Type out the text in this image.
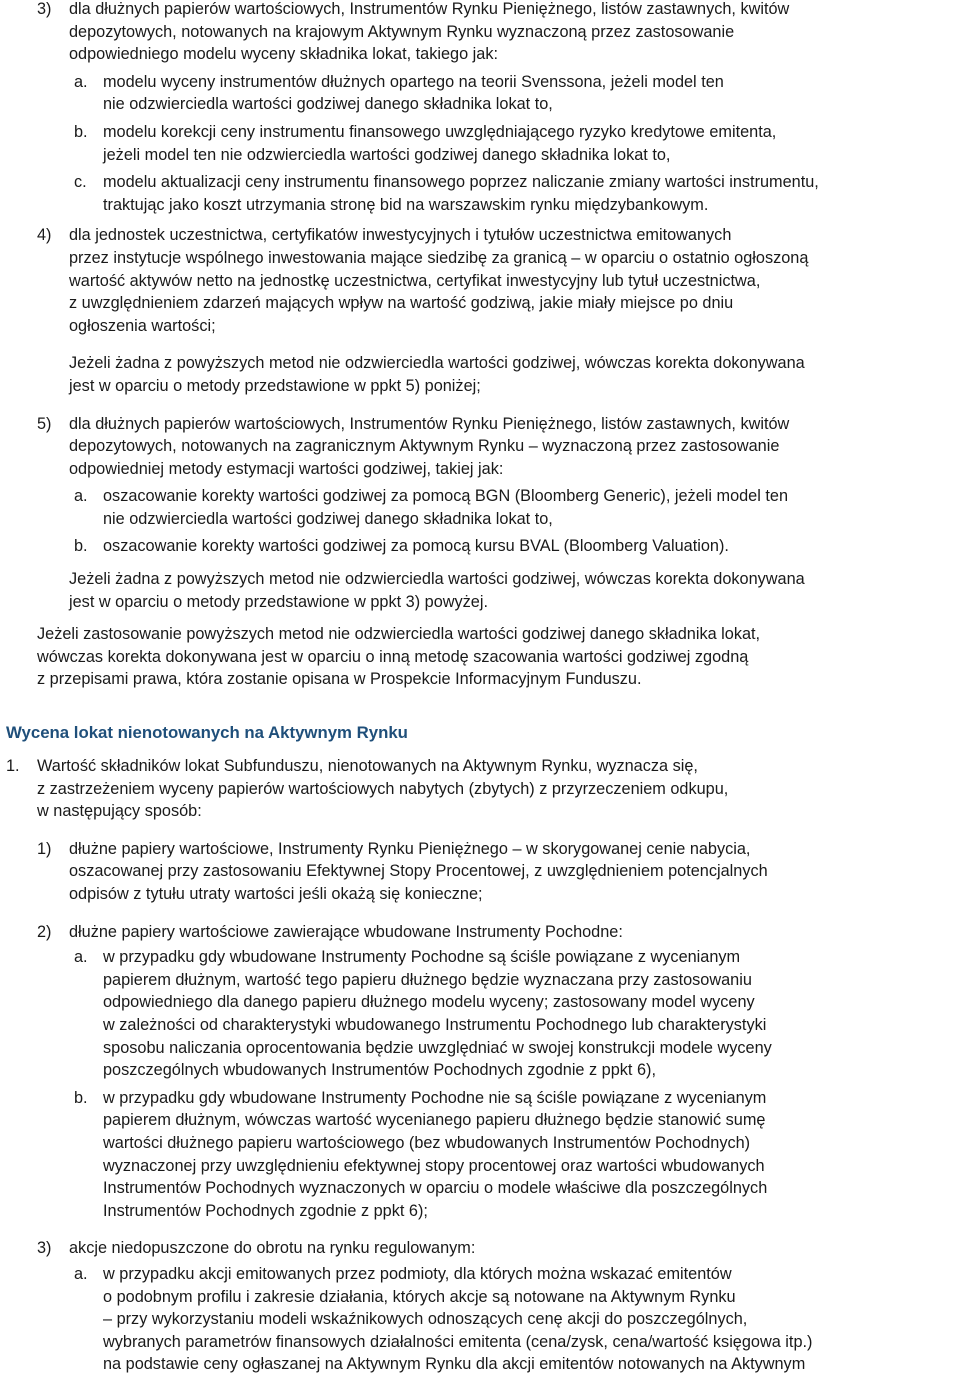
3) dla dłużnych papierów wartościowych, Instrumentów Rynku Pieniężnego, listów zastawnych, kwitów
depozytowych, notowanych na krajowym Aktywnym Rynku wyznaczoną przez zastosowanie
odpowiedniego modelu wyceny składnika lokat, takiego jak:
a. modelu wyceny instrumentów dłużnych opartego na teorii Svenssona, jeżeli model ten
nie odzwierciedla wartości godziwej danego składnika lokat to,
b. modelu korekcji ceny instrumentu finansowego uwzględniającego ryzyko kredytowe emitenta,
jeżeli model ten nie odzwierciedla wartości godziwej danego składnika lokat to,
c. modelu aktualizacji ceny instrumentu finansowego poprzez naliczanie zmiany wartości instrumentu,
traktując jako koszt utrzymania stronę bid na warszawskim rynku międzybankowym.
4) dla jednostek uczestnictwa, certyfikatów inwestycyjnych i tytułów uczestnictwa emitowanych
przez instytucje wspólnego inwestowania mające siedzibę za granicą – w oparciu o ostatnio ogłoszoną
wartość aktywów netto na jednostkę uczestnictwa, certyfikat inwestycyjny lub tytuł uczestnictwa,
z uwzględnieniem zdarzeń mających wpływ na wartość godziwą, jakie miały miejsce po dniu
ogłoszenia wartości;
Jeżeli żadna z powyższych metod nie odzwierciedla wartości godziwej, wówczas korekta dokonywana
jest w oparciu o metody przedstawione w ppkt 5) poniżej;
5) dla dłużnych papierów wartościowych, Instrumentów Rynku Pieniężnego, listów zastawnych, kwitów
depozytowych, notowanych na zagranicznym Aktywnym Rynku – wyznaczoną przez zastosowanie
odpowiedniej metody estymacji wartości godziwej, takiej jak:
a. oszacowanie korekty wartości godziwej za pomocą BGN (Bloomberg Generic), jeżeli model ten
nie odzwierciedla wartości godziwej danego składnika lokat to,
b. oszacowanie korekty wartości godziwej za pomocą kursu BVAL (Bloomberg Valuation).
Jeżeli żadna z powyższych metod nie odzwierciedla wartości godziwej, wówczas korekta dokonywana
jest w oparciu o metody przedstawione w ppkt 3) powyżej.
Jeżeli zastosowanie powyższych metod nie odzwierciedla wartości godziwej danego składnika lokat,
wówczas korekta dokonywana jest w oparciu o inną metodę szacowania wartości godziwej zgodną
z przepisami prawa, która zostanie opisana w Prospekcie Informacyjnym Funduszu.
Wycena lokat nienotowanych na Aktywnym Rynku
1. Wartość składników lokat Subfunduszu, nienotowanych na Aktywnym Rynku, wyznacza się,
z zastrzeżeniem wyceny papierów wartościowych nabytych (zbytych) z przyrzeczeniem odkupu,
w następujący sposób:
1) dłużne papiery wartościowe, Instrumenty Rynku Pieniężnego – w skorygowanej cenie nabycia,
oszacowanej przy zastosowaniu Efektywnej Stopy Procentowej, z uwzględnieniem potencjalnych
odpisów z tytułu utraty wartości jeśli okażą się konieczne;
2) dłużne papiery wartościowe zawierające wbudowane Instrumenty Pochodne:
a. w przypadku gdy wbudowane Instrumenty Pochodne są ściśle powiązane z wycenianym
papierem dłużnym, wartość tego papieru dłużnego będzie wyznaczana przy zastosowaniu
odpowiedniego dla danego papieru dłużnego modelu wyceny; zastosowany model wyceny
w zależności od charakterystyki wbudowanego Instrumentu Pochodnego lub charakterystyki
sposobu naliczania oprocentowania będzie uwzględniać w swojej konstrukcji modele wyceny
poszczególnych wbudowanych Instrumentów Pochodnych zgodnie z ppkt 6),
b. w przypadku gdy wbudowane Instrumenty Pochodne nie są ściśle powiązane z wycenianym
papierem dłużnym, wówczas wartość wycenianego papieru dłużnego będzie stanowić sumę
wartości dłużnego papieru wartościowego (bez wbudowanych Instrumentów Pochodnych)
wyznaczonej przy uwzględnieniu efektywnej stopy procentowej oraz wartości wbudowanych
Instrumentów Pochodnych wyznaczonych w oparciu o modele właściwe dla poszczególnych
Instrumentów Pochodnych zgodnie z ppkt 6);
3) akcje niedopuszczone do obrotu na rynku regulowanym:
a. w przypadku akcji emitowanych przez podmioty, dla których można wskazać emitentów
o podobnym profilu i zakresie działania, których akcje są notowane na Aktywnym Rynku
– przy wykorzystaniu modeli wskaźnikowych odnoszących cenę akcji do poszczególnych,
wybranych parametrów finansowych działalności emitenta (cena/zysk, cena/wartość księgowa itp.)
na podstawie ceny ogłaszanej na Aktywnym Rynku dla akcji emitentów notowanych na Aktywnym
